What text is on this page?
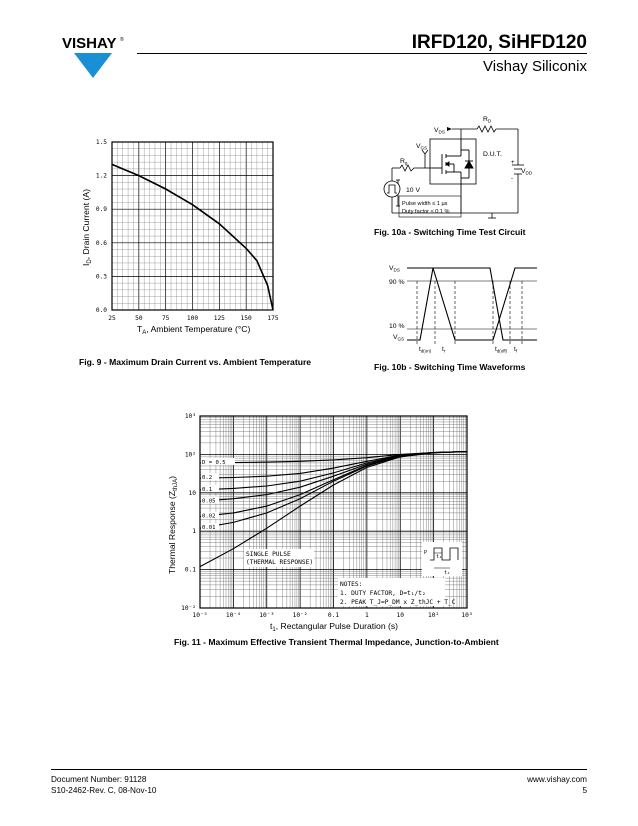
VISHAY ®	IRFD120, SiHFD120
Vishay Siliconix
25	50	75	100	125	150	175
0.0
0.3
0.6
0.9
1.2
1.5
$T_A$, Ambient Temperature (°C)
$I_D$, Drain Current (A)
Fig. 9 - Maximum Drain Current vs. Ambient Temperature
$V_{DS}$
$R_D$
$V_{GS}$
$R_g$
D.U.T.
$V_{DD}$
+
-
10 V
Pulse width ≤ 1 µs
Duty factor ≤ 0.1 %
Fig. 10a - Switching Time Test Circuit
$V_{DS}$
90 %
10 %
$V_{GS}$
$t_{d(on)}$ $t_r$	$t_{d(off)}$ $t_f$
Fig. 10b - Switching Time Waveforms
10⁻⁵	10⁻⁴	10⁻³	10⁻²	0.1	1	10	10²	10³
10³
10²
10
1
0.1
10⁻²
D = 0.5
0.2
0.1
0.05
0.02
0.01
SINGLE PULSE
(THERMAL RESPONSE)
NOTES:
1. DUTY FACTOR, D=t₁/t₂
2. PEAK T_J=P_DM x Z_thJC + T_C
P
t₁
t₂
$t_1$, Rectangular Pulse Duration (s)
Thermal Response $(Z_{thJA})$
Fig. 11 - Maximum Effective Transient Thermal Impedance, Junction-to-Ambient
Document Number: 91128
S10-2462-Rev. C, 08-Nov-10
www.vishay.com
5
